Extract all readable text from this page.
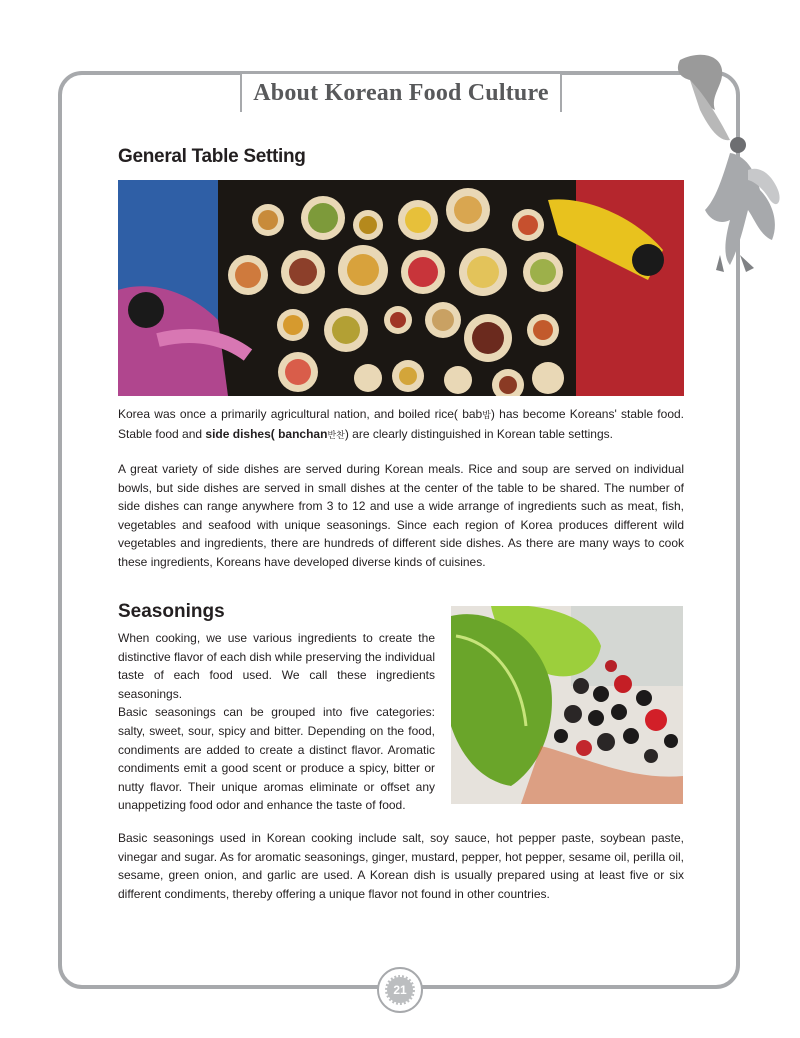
About Korean Food Culture
General Table Setting

Korea was once a primarily agricultural nation, and boiled rice( bab밥) has become Koreans' stable food. Stable food and side dishes( banchan반찬) are clearly distinguished in Korean table settings.

A great variety of side dishes are served during Korean meals. Rice and soup are served on individual bowls, but side dishes are served in small dishes at the center of the table to be shared. The number of side dishes can range anywhere from 3 to 12 and use a wide arrange of ingredients such as meat, fish, vegetables and seafood with unique seasonings. Since each region of Korea produces different wild vegetables and ingredients, there are hundreds of different side dishes. As there are many ways to cook these ingredients, Koreans have developed diverse kinds of cuisines.

Seasonings

When cooking, we use various ingredients to create the distinctive flavor of each dish while preserving the individual taste of each food used. We call these ingredients seasonings.
Basic seasonings can be grouped into five categories: salty, sweet, sour, spicy and bitter. Depending on the food, condiments are added to create a distinct flavor. Aromatic condiments emit a good scent or produce a spicy, bitter or nutty flavor. Their unique aromas eliminate or offset any unappetizing food odor and enhance the taste of food.

Basic seasonings used in Korean cooking include salt, soy sauce, hot pepper paste, soybean paste, vinegar and sugar. As for aromatic seasonings, ginger, mustard, pepper, hot pepper, sesame oil, perilla oil, sesame, green onion, and garlic are used. A Korean dish is usually prepared using at least five or six different condiments, thereby offering a unique flavor not found in other countries.

21
